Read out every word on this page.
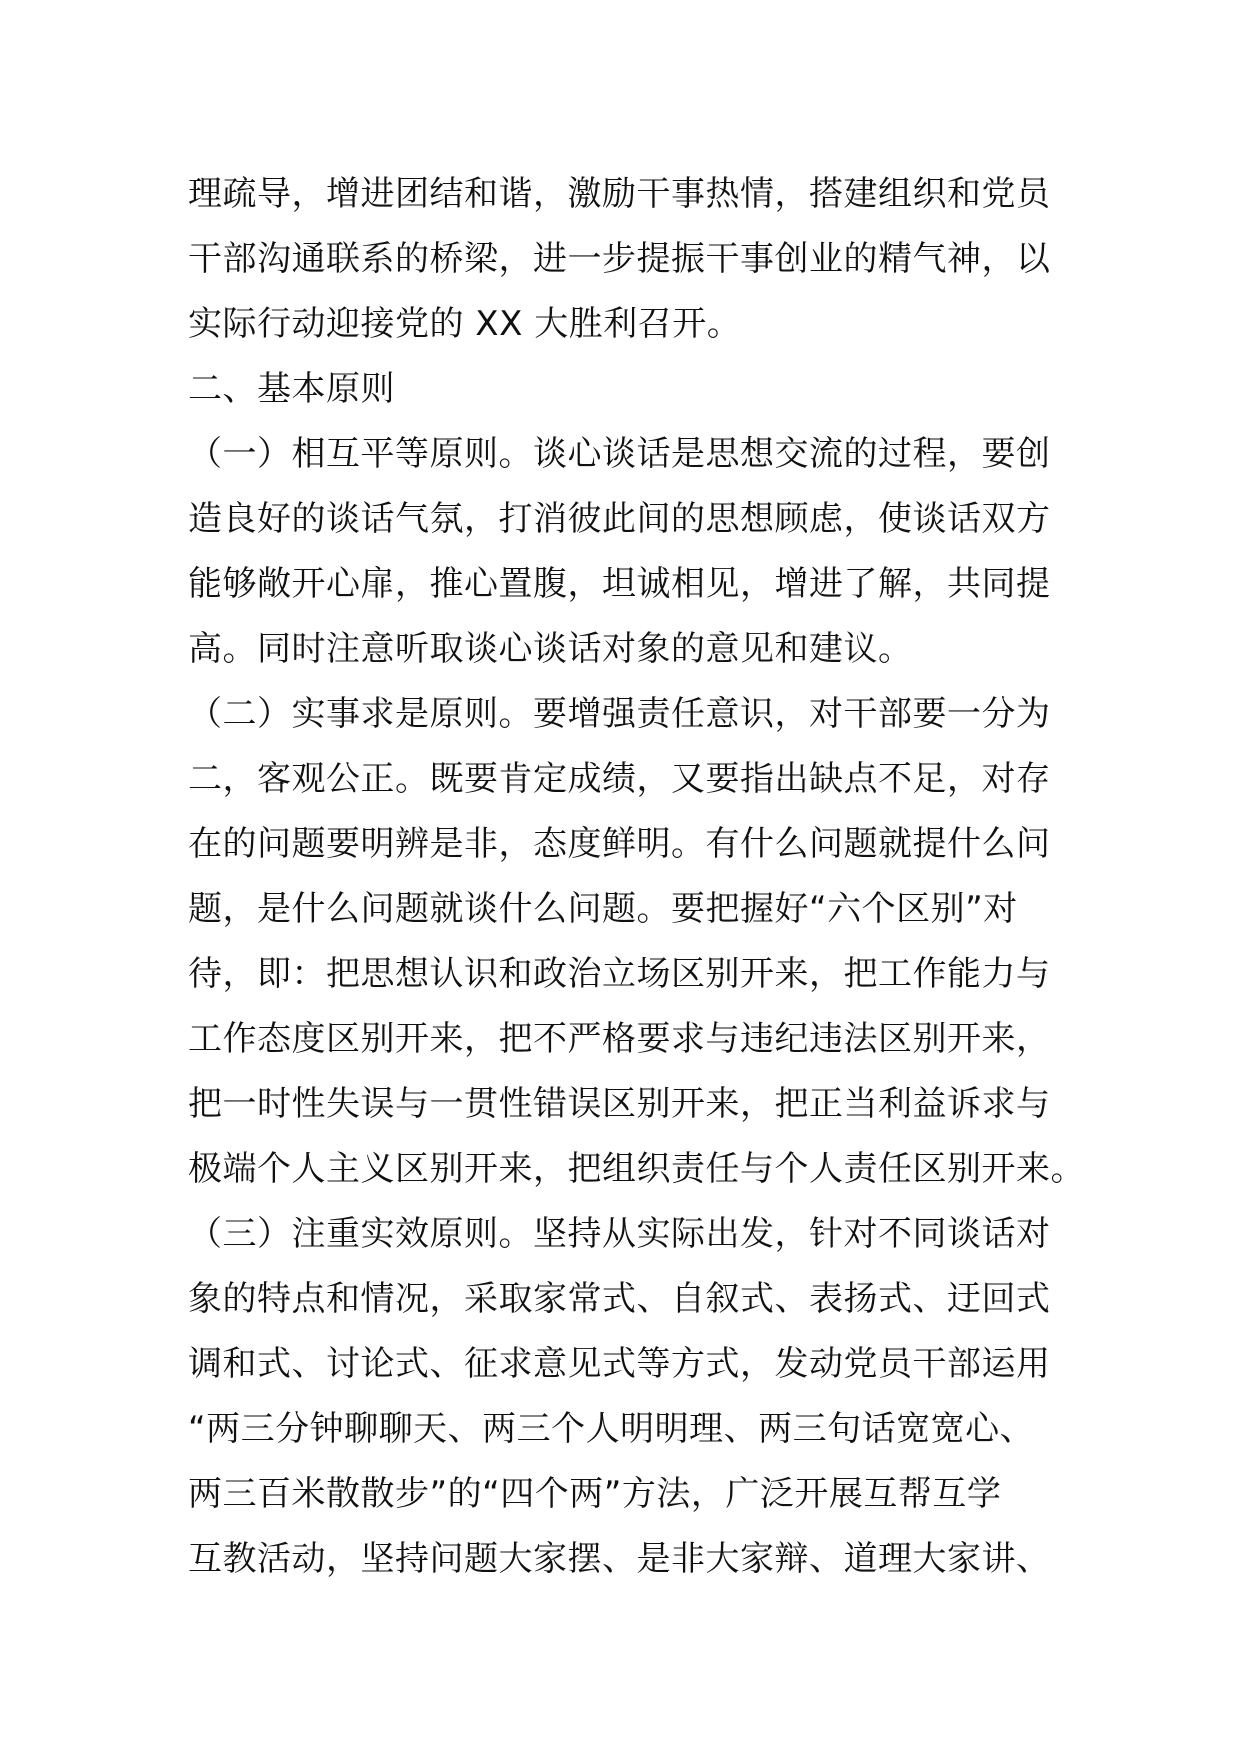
理疏导，增进团结和谐，激励干事热情，搭建组织和党员
干部沟通联系的桥梁，进一步提振干事创业的精气神，以
实际行动迎接党的 XX 大胜利召开。
二、基本原则
（一）相互平等原则。谈心谈话是思想交流的过程，要创
造良好的谈话气氛，打消彼此间的思想顾虑，使谈话双方
能够敞开心扉，推心置腹，坦诚相见，增进了解，共同提
高。同时注意听取谈心谈话对象的意见和建议。
（二）实事求是原则。要增强责任意识，对干部要一分为
二，客观公正。既要肯定成绩，又要指出缺点不足，对存
在的问题要明辨是非，态度鲜明。有什么问题就提什么问
题，是什么问题就谈什么问题。要把握好“六个区别”对
待，即：把思想认识和政治立场区别开来，把工作能力与
工作态度区别开来，把不严格要求与违纪违法区别开来，
把一时性失误与一贯性错误区别开来，把正当利益诉求与
极端个人主义区别开来，把组织责任与个人责任区别开来。
（三）注重实效原则。坚持从实际出发，针对不同谈话对
象的特点和情况，采取家常式、自叙式、表扬式、迂回式
调和式、讨论式、征求意见式等方式，发动党员干部运用
“两三分钟聊聊天、两三个人明明理、两三句话宽宽心、
两三百米散散步”的“四个两”方法，广泛开展互帮互学
互教活动，坚持问题大家摆、是非大家辩、道理大家讲、
